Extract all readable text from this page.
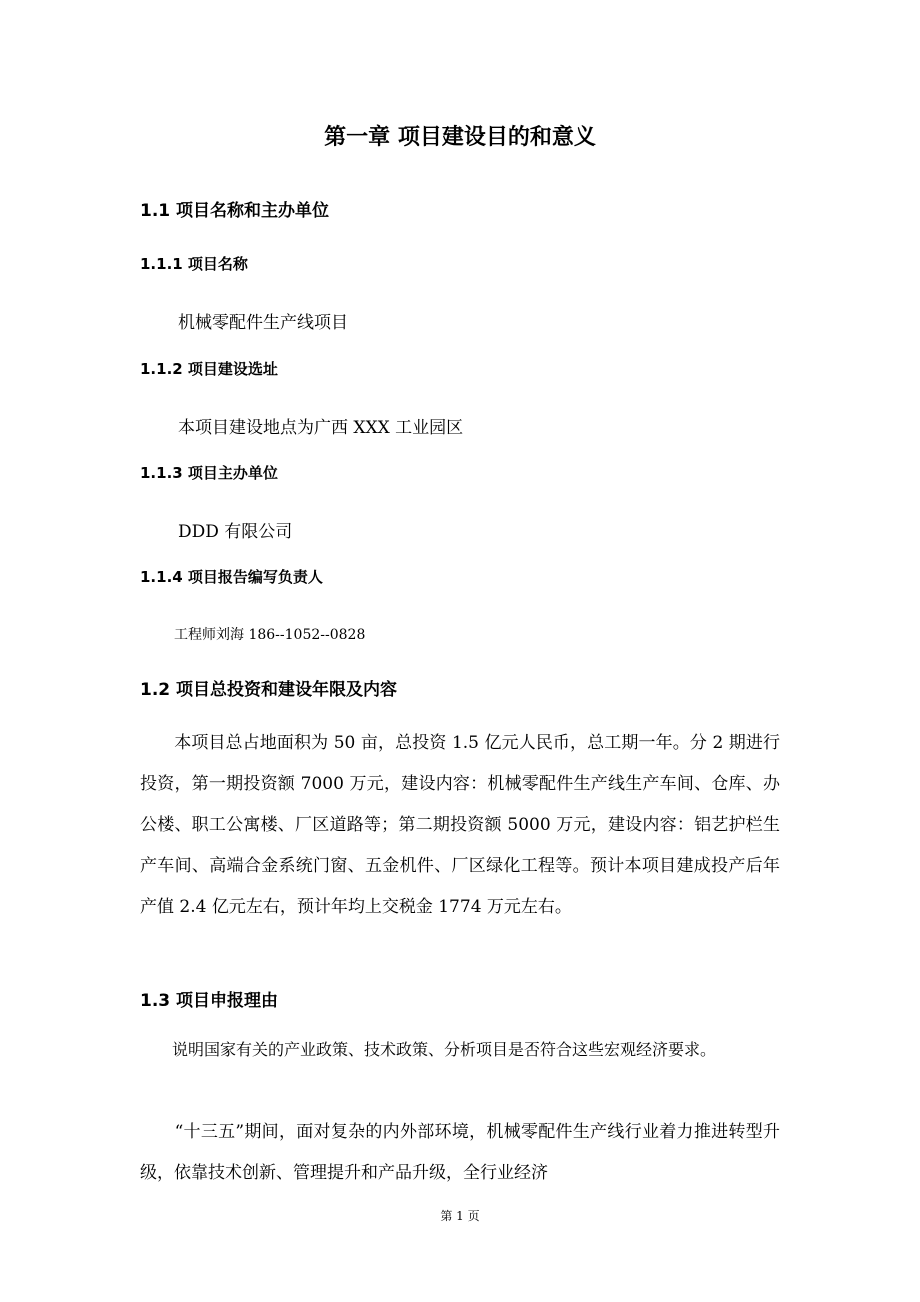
第一章 项目建设目的和意义
1.1 项目名称和主办单位
1.1.1 项目名称
机械零配件生产线项目
1.1.2 项目建设选址
本项目建设地点为广西 XXX 工业园区
1.1.3 项目主办单位
DDD 有限公司
1.1.4 项目报告编写负责人
工程师刘海 186--1052--0828
1.2 项目总投资和建设年限及内容
　　本项目总占地面积为 50 亩，总投资 1.5 亿元人民币，总工期一年。分 2 期进行投资，第一期投资额 7000 万元，建设内容：机械零配件生产线生产车间、仓库、办公楼、职工公寓楼、厂区道路等；第二期投资额 5000 万元，建设内容：铝艺护栏生产车间、高端合金系统门窗、五金机件、厂区绿化工程等。预计本项目建成投产后年产值 2.4 亿元左右，预计年均上交税金 1774 万元左右。
1.3 项目申报理由
　　说明国家有关的产业政策、技术政策、分析项目是否符合这些宏观经济要求。
　　“十三五”期间，面对复杂的内外部环境，机械零配件生产线行业着力推进转型升级，依靠技术创新、管理提升和产品升级，全行业经济
第 1 页
